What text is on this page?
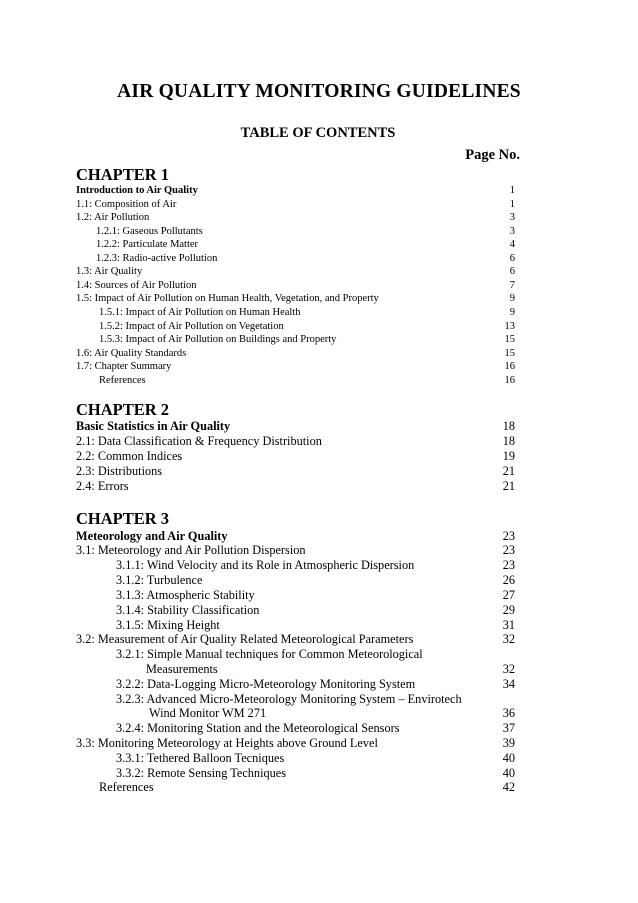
AIR QUALITY MONITORING GUIDELINES
TABLE OF CONTENTS
Page No.
CHAPTER 1
Introduction to Air Quality	1
1.1: Composition of Air	1
1.2: Air Pollution	3
1.2.1: Gaseous Pollutants	3
1.2.2: Particulate Matter	4
1.2.3: Radio-active Pollution	6
1.3: Air Quality	6
1.4: Sources of Air Pollution	7
1.5: Impact of Air Pollution on Human Health, Vegetation, and Property	9
1.5.1: Impact of Air Pollution on Human Health	9
1.5.2: Impact of Air Pollution on Vegetation	13
1.5.3: Impact of Air Pollution on Buildings and Property	15
1.6: Air Quality Standards	15
1.7: Chapter Summary	16
References	16
CHAPTER 2
Basic Statistics in Air Quality	18
2.1: Data Classification & Frequency Distribution	18
2.2: Common Indices	19
2.3: Distributions	21
2.4: Errors	21
CHAPTER 3
Meteorology and Air Quality	23
3.1: Meteorology and Air Pollution Dispersion	23
3.1.1: Wind Velocity and its Role in Atmospheric Dispersion	23
3.1.2: Turbulence	26
3.1.3: Atmospheric Stability	27
3.1.4: Stability Classification	29
3.1.5: Mixing Height	31
3.2: Measurement of Air Quality Related Meteorological Parameters	32
3.2.1: Simple Manual techniques for Common Meteorological
Measurements	32
3.2.2: Data-Logging Micro-Meteorology Monitoring System	34
3.2.3: Advanced Micro-Meteorology Monitoring System – Envirotech
Wind Monitor WM 271	36
3.2.4: Monitoring Station and the Meteorological Sensors	37
3.3: Monitoring Meteorology at Heights above Ground Level	39
3.3.1: Tethered Balloon Tecniques	40
3.3.2: Remote Sensing Techniques	40
References	42
